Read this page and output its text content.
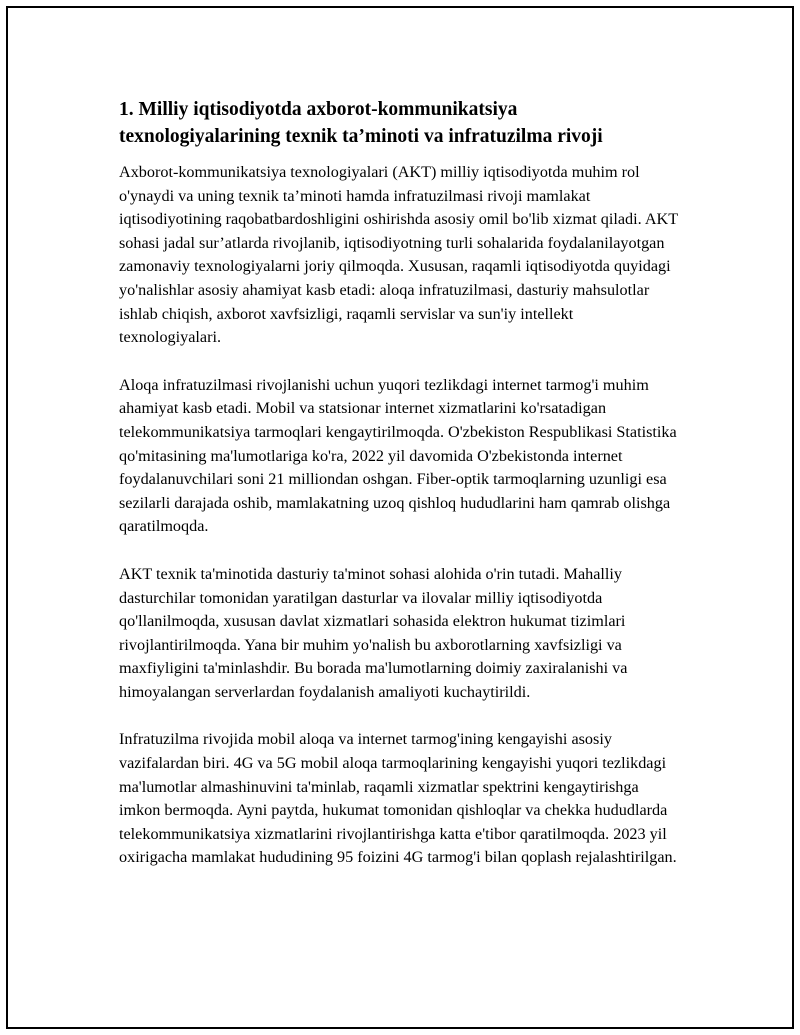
1. Milliy iqtisodiyotda axborot-kommunikatsiya texnologiyalarining texnik ta’minoti va infratuzilma rivoji

Axborot-kommunikatsiya texnologiyalari (AKT) milliy iqtisodiyotda muhim rol o'ynaydi va uning texnik ta’minoti hamda infratuzilmasi rivoji mamlakat iqtisodiyotining raqobatbardoshligini oshirishda asosiy omil bo'lib xizmat qiladi. AKT sohasi jadal sur’atlarda rivojlanib, iqtisodiyotning turli sohalarida foydalanilayotgan zamonaviy texnologiyalarni joriy qilmoqda. Xususan, raqamli iqtisodiyotda quyidagi yo'nalishlar asosiy ahamiyat kasb etadi: aloqa infratuzilmasi, dasturiy mahsulotlar ishlab chiqish, axborot xavfsizligi, raqamli servislar va sun'iy intellekt texnologiyalari.

Aloqa infratuzilmasi rivojlanishi uchun yuqori tezlikdagi internet tarmog'i muhim ahamiyat kasb etadi. Mobil va statsionar internet xizmatlarini ko'rsatadigan telekommunikatsiya tarmoqlari kengaytirilmoqda. O'zbekiston Respublikasi Statistika qo'mitasining ma'lumotlariga ko'ra, 2022 yil davomida O'zbekistonda internet foydalanuvchilari soni 21 milliondan oshgan. Fiber-optik tarmoqlarning uzunligi esa sezilarli darajada oshib, mamlakatning uzoq qishloq hududlarini ham qamrab olishga qaratilmoqda.

AKT texnik ta'minotida dasturiy ta'minot sohasi alohida o'rin tutadi. Mahalliy dasturchilar tomonidan yaratilgan dasturlar va ilovalar milliy iqtisodiyotda qo'llanilmoqda, xususan davlat xizmatlari sohasida elektron hukumat tizimlari rivojlantirilmoqda. Yana bir muhim yo'nalish bu axborotlarning xavfsizligi va maxfiyligini ta'minlashdir. Bu borada ma'lumotlarning doimiy zaxiralanishi va himoyalangan serverlardan foydalanish amaliyoti kuchaytirildi.

Infratuzilma rivojida mobil aloqa va internet tarmog'ining kengayishi asosiy vazifalardan biri. 4G va 5G mobil aloqa tarmoqlarining kengayishi yuqori tezlikdagi ma'lumotlar almashinuvini ta'minlab, raqamli xizmatlar spektrini kengaytirishga imkon bermoqda. Ayni paytda, hukumat tomonidan qishloqlar va chekka hududlarda telekommunikatsiya xizmatlarini rivojlantirishga katta e'tibor qaratilmoqda. 2023 yil oxirigacha mamlakat hududining 95 foizini 4G tarmog'i bilan qoplash rejalashtirilgan.
